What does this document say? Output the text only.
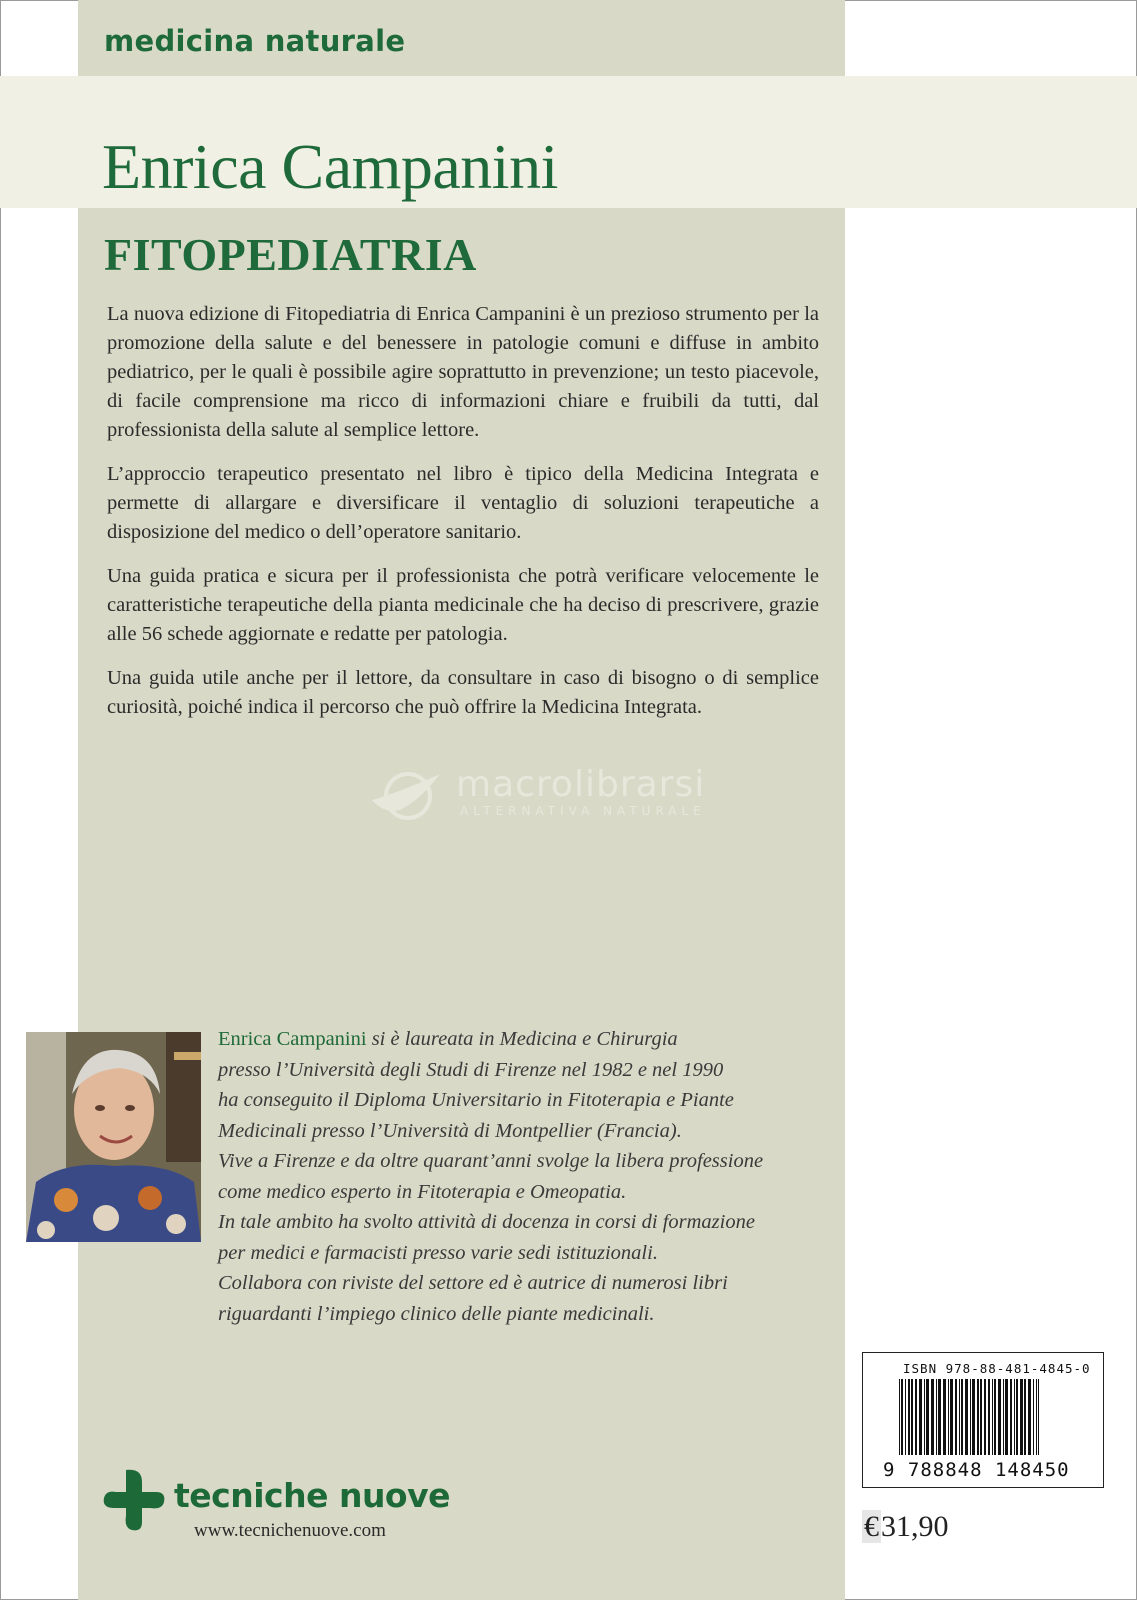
medicina naturale
Enrica Campanini
FITOPEDIATRIA

La nuova edizione di Fitopediatria di Enrica Campanini è un prezioso strumento per la promozione della salute e del benessere in patologie comuni e diffuse in ambito pediatrico, per le quali è possibile agire soprattutto in prevenzione; un testo piacevole, di facile comprensione ma ricco di informazioni chiare e fruibili da tutti, dal professionista della salute al semplice lettore.

L’approccio terapeutico presentato nel libro è tipico della Medicina Integrata e permette di allargare e diversificare il ventaglio di soluzioni terapeutiche a disposizione del medico o dell’operatore sanitario.

Una guida pratica e sicura per il professionista che potrà verificare velocemente le caratteristiche terapeutiche della pianta medicinale che ha deciso di prescrivere, grazie alle 56 schede aggiornate e redatte per patologia.

Una guida utile anche per il lettore, da consultare in caso di bisogno o di semplice curiosità, poiché indica il percorso che può offrire la Medicina Integrata.

macrolibrarsi
ALTERNATIVA NATURALE
Enrica Campanini si è laureata in Medicina e Chirurgia
presso l’Università degli Studi di Firenze nel 1982 e nel 1990
ha conseguito il Diploma Universitario in Fitoterapia e Piante
Medicinali presso l’Università di Montpellier (Francia).
Vive a Firenze e da oltre quarant’anni svolge la libera professione
come medico esperto in Fitoterapia e Omeopatia.
In tale ambito ha svolto attività di docenza in corsi di formazione
per medici e farmacisti presso varie sedi istituzionali.
Collabora con riviste del settore ed è autrice di numerosi libri
riguardanti l’impiego clinico delle piante medicinali.
tecniche nuove
www.tecnichenuove.com
ISBN 978-88-481-4845-0
9 788848 148450
€31,90
